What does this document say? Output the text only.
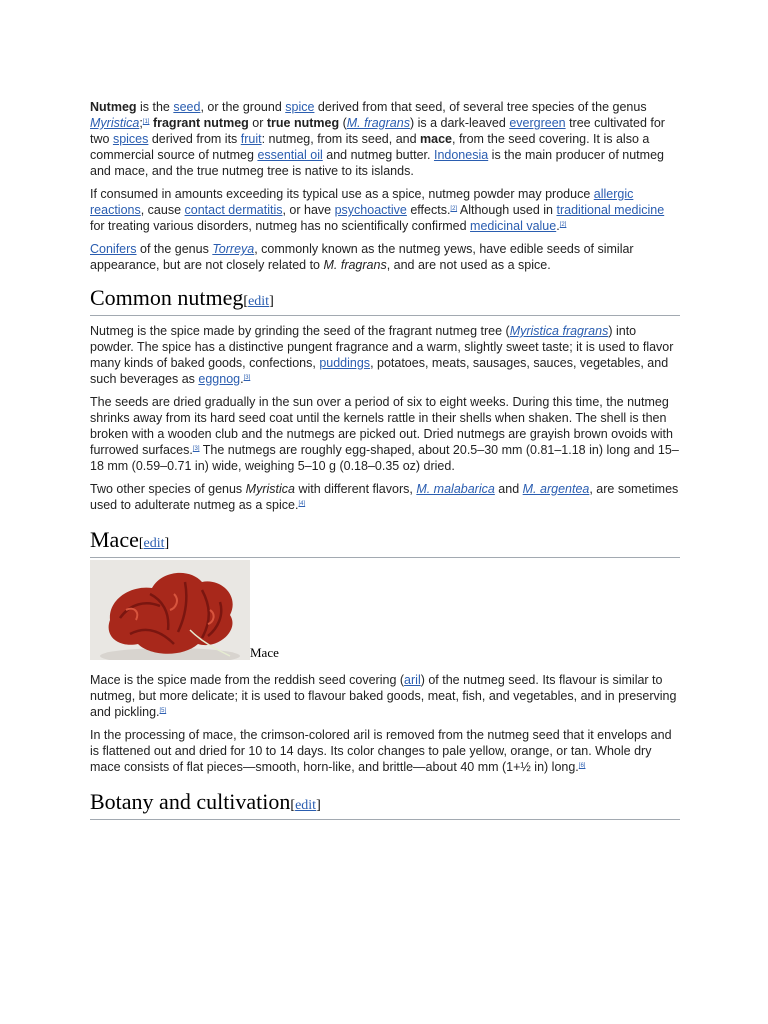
Nutmeg is the seed, or the ground spice derived from that seed, of several tree species of the genus Myristica;[1] fragrant nutmeg or true nutmeg (M. fragrans) is a dark-leaved evergreen tree cultivated for two spices derived from its fruit: nutmeg, from its seed, and mace, from the seed covering. It is also a commercial source of nutmeg essential oil and nutmeg butter. Indonesia is the main producer of nutmeg and mace, and the true nutmeg tree is native to its islands.

If consumed in amounts exceeding its typical use as a spice, nutmeg powder may produce allergic reactions, cause contact dermatitis, or have psychoactive effects.[2] Although used in traditional medicine for treating various disorders, nutmeg has no scientifically confirmed medicinal value.[2]

Conifers of the genus Torreya, commonly known as the nutmeg yews, have edible seeds of similar appearance, but are not closely related to M. fragrans, and are not used as a spice.

Common nutmeg[edit]

Nutmeg is the spice made by grinding the seed of the fragrant nutmeg tree (Myristica fragrans) into powder. The spice has a distinctive pungent fragrance and a warm, slightly sweet taste; it is used to flavor many kinds of baked goods, confections, puddings, potatoes, meats, sausages, sauces, vegetables, and such beverages as eggnog.[3]

The seeds are dried gradually in the sun over a period of six to eight weeks. During this time, the nutmeg shrinks away from its hard seed coat until the kernels rattle in their shells when shaken. The shell is then broken with a wooden club and the nutmegs are picked out. Dried nutmegs are grayish brown ovoids with furrowed surfaces.[3] The nutmegs are roughly egg-shaped, about 20.5–30 mm (0.81–1.18 in) long and 15–18 mm (0.59–0.71 in) wide, weighing 5–10 g (0.18–0.35 oz) dried.

Two other species of genus Myristica with different flavors, M. malabarica and M. argentea, are sometimes used to adulterate nutmeg as a spice.[4]

Mace[edit]
Mace

Mace is the spice made from the reddish seed covering (aril) of the nutmeg seed. Its flavour is similar to nutmeg, but more delicate; it is used to flavour baked goods, meat, fish, and vegetables, and in preserving and pickling.[5]

In the processing of mace, the crimson-colored aril is removed from the nutmeg seed that it envelops and is flattened out and dried for 10 to 14 days. Its color changes to pale yellow, orange, or tan. Whole dry mace consists of flat pieces—smooth, horn-like, and brittle—about 40 mm (1+½ in) long.[6]

Botany and cultivation[edit]
